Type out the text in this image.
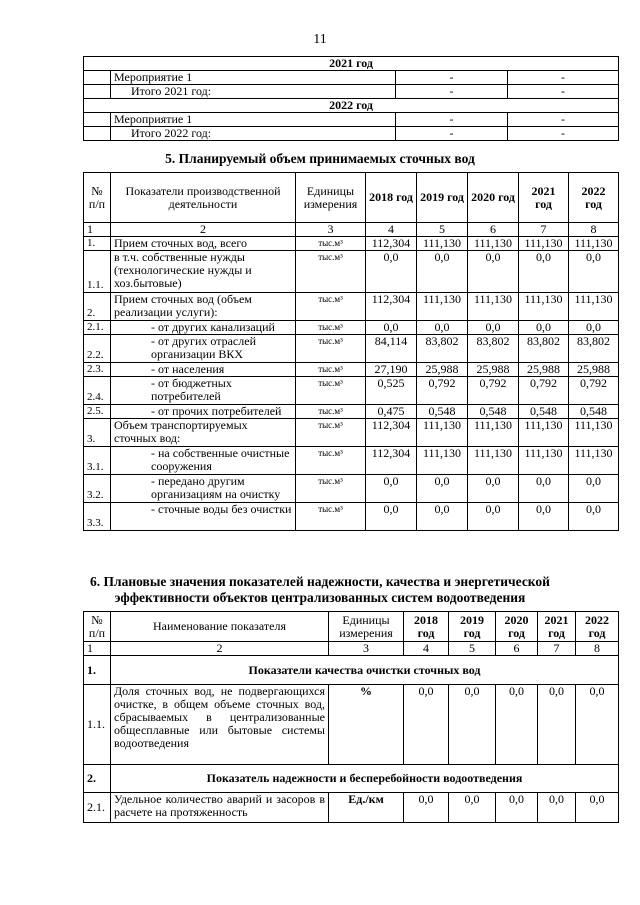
11
2021 год			
	Мероприятие 1	-	-
	Итого 2021 год:	-	-
2022 год			
	Мероприятие 1	-	-
	Итого 2022 год:	-	-
5. Планируемый объем принимаемых сточных вод
№ п/п	Показатели производственной деятельности	Единицы измерения	2018 год	2019 год	2020 год	2021 год	2022 год
1	2	3	4	5	6	7	8
1.	Прием сточных вод, всего	тыс.м³	112,304	111,130	111,130	111,130	111,130
1.1.	в т.ч. собственные нужды (технологические нужды и хоз.бытовые)	тыс.м³	0,0	0,0	0,0	0,0	0,0
2.	Прием сточных вод (объем реализации услуги):	тыс.м³	112,304	111,130	111,130	111,130	111,130
2.1.	- от других канализаций	тыс.м³	0,0	0,0	0,0	0,0	0,0
2.2.	- от других отраслей организации ВКХ	тыс.м³	84,114	83,802	83,802	83,802	83,802
2.3.	- от населения	тыс.м³	27,190	25,988	25,988	25,988	25,988
2.4.	- от бюджетных потребителей	тыс.м³	0,525	0,792	0,792	0,792	0,792
2.5.	- от прочих потребителей	тыс.м³	0,475	0,548	0,548	0,548	0,548
3.	Объем транспортируемых сточных вод:	тыс.м³	112,304	111,130	111,130	111,130	111,130
3.1.	- на собственные очистные сооружения	тыс.м³	112,304	111,130	111,130	111,130	111,130
3.2.	- передано другим организациям на очистку	тыс.м³	0,0	0,0	0,0	0,0	0,0
3.3.	- сточные воды без очистки	тыс.м³	0,0	0,0	0,0	0,0	0,0
6. Плановые значения показателей надежности, качества и энергетической
эффективности объектов централизованных систем водоотведения
№ п/п	Наименование показателя	Единицы измерения	2018 год	2019 год	2020 год	2021 год	2022 год
1	2	3	4	5	6	7	8
1.	Показатели качества очистки сточных вод						
1.1.	Доля сточных вод, не подвергающихся очистке, в общем объеме сточных вод, сбрасываемых в централизованные общесплавные или бытовые системы водоотведения	%	0,0	0,0	0,0	0,0	0,0
2.	Показатель надежности и бесперебойности водоотведения						
2.1.	Удельное количество аварий и засоров в расчете на протяженность	Ед./км	0,0	0,0	0,0	0,0	0,0
